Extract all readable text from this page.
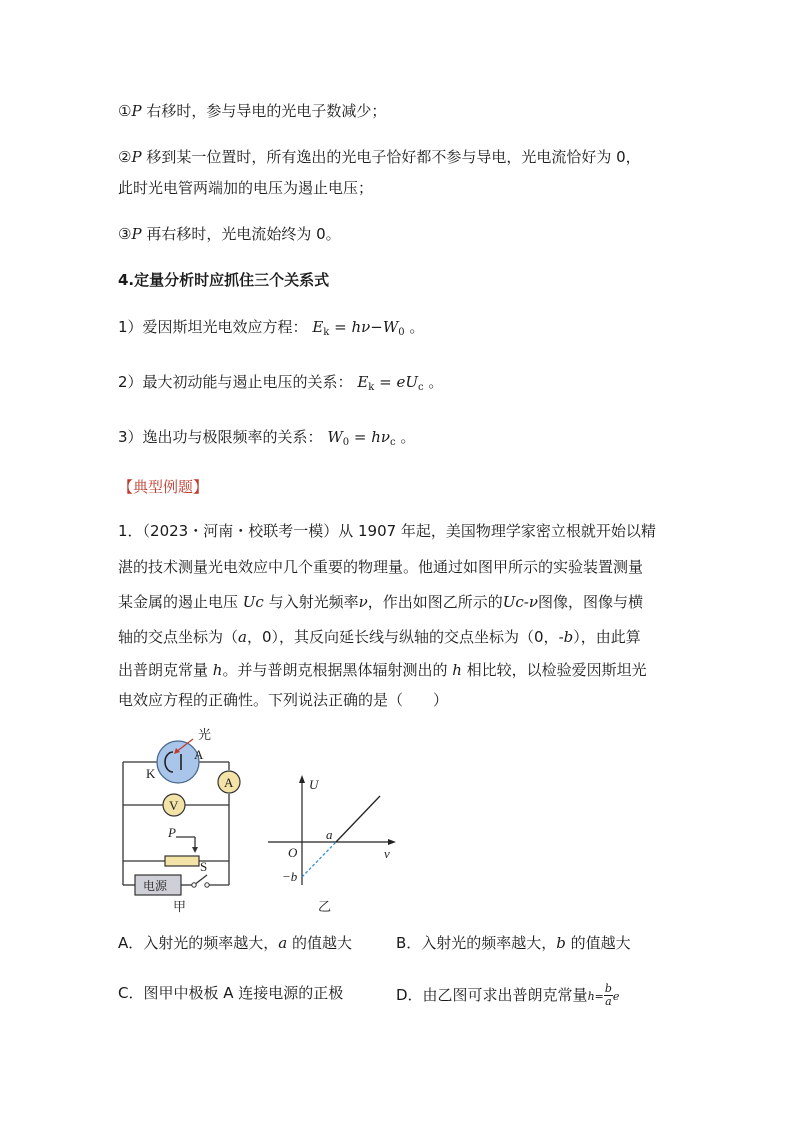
①P 右移时，参与导电的光电子数减少；
②P 移到某一位置时，所有逸出的光电子恰好都不参与导电，光电流恰好为 0，
此时光电管两端加的电压为遏止电压；
③P 再右移时，光电流始终为 0。
4.定量分析时应抓住三个关系式
1）爱因斯坦光电效应方程： $E_k = h\nu-W_0$ 。
2）最大初动能与遏止电压的关系： $E_k = eU_c$ 。
3）逸出功与极限频率的关系： $W_0 = h\nu_c$ 。
【典型例题】
1．（2023・河南・校联考一模）从 1907 年起，美国物理学家密立根就开始以精
湛的技术测量光电效应中几个重要的物理量。他通过如图甲所示的实验装置测量
某金属的遏止电压 Uc 与入射光频率ν，作出如图乙所示的Uc-ν图像，图像与横
轴的交点坐标为（a，0），其反向延长线与纵轴的交点坐标为（0，-b），由此算
出普朗克常量 h。并与普朗克根据黑体辐射测出的 h 相比较，以检验爱因斯坦光
电效应方程的正确性。下列说法正确的是（　　）
光
A
K
A
V
P
电源
S
甲
U
ν
O
a
−b
乙
A．入射光的频率越大，a 的值越大	B．入射光的频率越大，b 的值越大
C．图甲中极板 A 连接电源的正极	D．由乙图可求出普朗克常量$h= \frac{b}{a}$ e
